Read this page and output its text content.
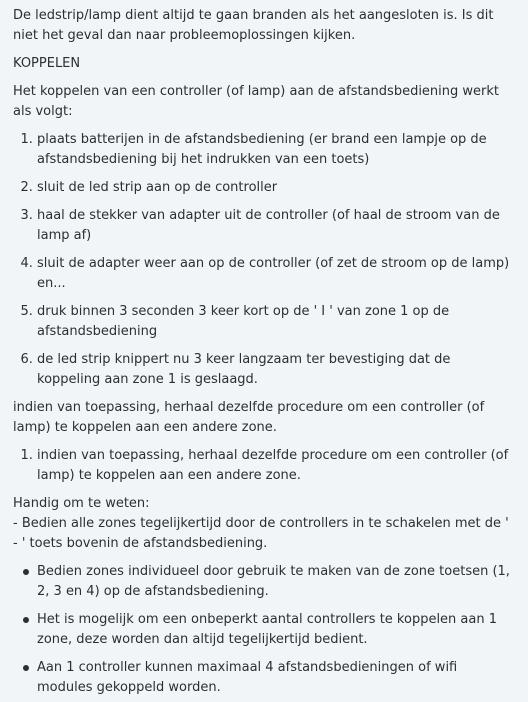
De ledstrip/lamp dient altijd te gaan branden als het aangesloten is. Is dit niet het geval dan naar probleemoplossingen kijken.

KOPPELEN

Het koppelen van een controller (of lamp) aan de afstandsbediening werkt als volgt:

1. plaats batterijen in de afstandsbediening (er brand een lampje op de afstandsbediening bij het indrukken van een toets)
2. sluit de led strip aan op de controller
3. haal de stekker van adapter uit de controller (of haal de stroom van de lamp af)
4. sluit de adapter weer aan op de controller (of zet de stroom op de lamp) en...
5. druk binnen 3 seconden 3 keer kort op de ' I ' van zone 1 op de afstandsbediening
6. de led strip knippert nu 3 keer langzaam ter bevestiging dat de koppeling aan zone 1 is geslaagd.

indien van toepassing, herhaal dezelfde procedure om een controller (of lamp) te koppelen aan een andere zone.

1. indien van toepassing, herhaal dezelfde procedure om een controller (of lamp) te koppelen aan een andere zone.
Handig om te weten:
- Bedien alle zones tegelijkertijd door de controllers in te schakelen met de ' - ' toets bovenin de afstandsbediening.
Bedien zones individueel door gebruik te maken van de zone toetsen (1, 2, 3 en 4) op de afstandsbediening.
Het is mogelijk om een onbeperkt aantal controllers te koppelen aan 1 zone, deze worden dan altijd tegelijkertijd bedient.
Aan 1 controller kunnen maximaal 4 afstandsbedieningen of wifi modules gekoppeld worden.
